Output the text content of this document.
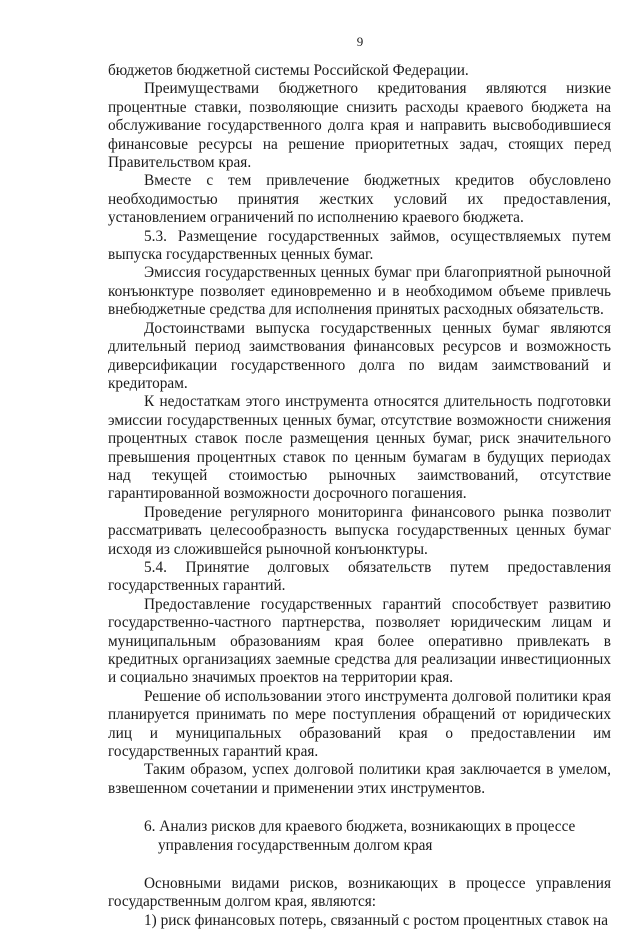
9

бюджетов бюджетной системы Российской Федерации.

Преимуществами бюджетного кредитования являются низкие процентные ставки, позволяющие снизить расходы краевого бюджета на обслуживание государственного долга края и направить высвободившиеся финансовые ресурсы на решение приоритетных задач, стоящих перед Правительством края.

Вместе с тем привлечение бюджетных кредитов обусловлено необходимостью принятия жестких условий их предоставления, установлением ограничений по исполнению краевого бюджета.

5.3. Размещение государственных займов, осуществляемых путем выпуска государственных ценных бумаг.

Эмиссия государственных ценных бумаг при благоприятной рыночной конъюнктуре позволяет единовременно и в необходимом объеме привлечь внебюджетные средства для исполнения принятых расходных обязательств.

Достоинствами выпуска государственных ценных бумаг являются длительный период заимствования финансовых ресурсов и возможность диверсификации государственного долга по видам заимствований и кредиторам.

К недостаткам этого инструмента относятся длительность подготовки эмиссии государственных ценных бумаг, отсутствие возможности снижения процентных ставок после размещения ценных бумаг, риск значительного превышения процентных ставок по ценным бумагам в будущих периодах над текущей стоимостью рыночных заимствований, отсутствие гарантированной возможности досрочного погашения.

Проведение регулярного мониторинга финансового рынка позволит рассматривать целесообразность выпуска государственных ценных бумаг исходя из сложившейся рыночной конъюнктуры.

5.4. Принятие долговых обязательств путем предоставления государственных гарантий.

Предоставление государственных гарантий способствует развитию государственно-частного партнерства, позволяет юридическим лицам и муниципальным образованиям края более оперативно привлекать в кредитных организациях заемные средства для реализации инвестиционных и социально значимых проектов на территории края.

Решение об использовании этого инструмента долговой политики края планируется принимать по мере поступления обращений от юридических лиц и муниципальных образований края о предоставлении им государственных гарантий края.

Таким образом, успех долговой политики края заключается в умелом, взвешенном сочетании и применении этих инструментов.

6. Анализ рисков для краевого бюджета, возникающих в процессе
управления государственным долгом края

Основными видами рисков, возникающих в процессе управления государственным долгом края, являются:

1) риск финансовых потерь, связанный с ростом процентных ставок на
